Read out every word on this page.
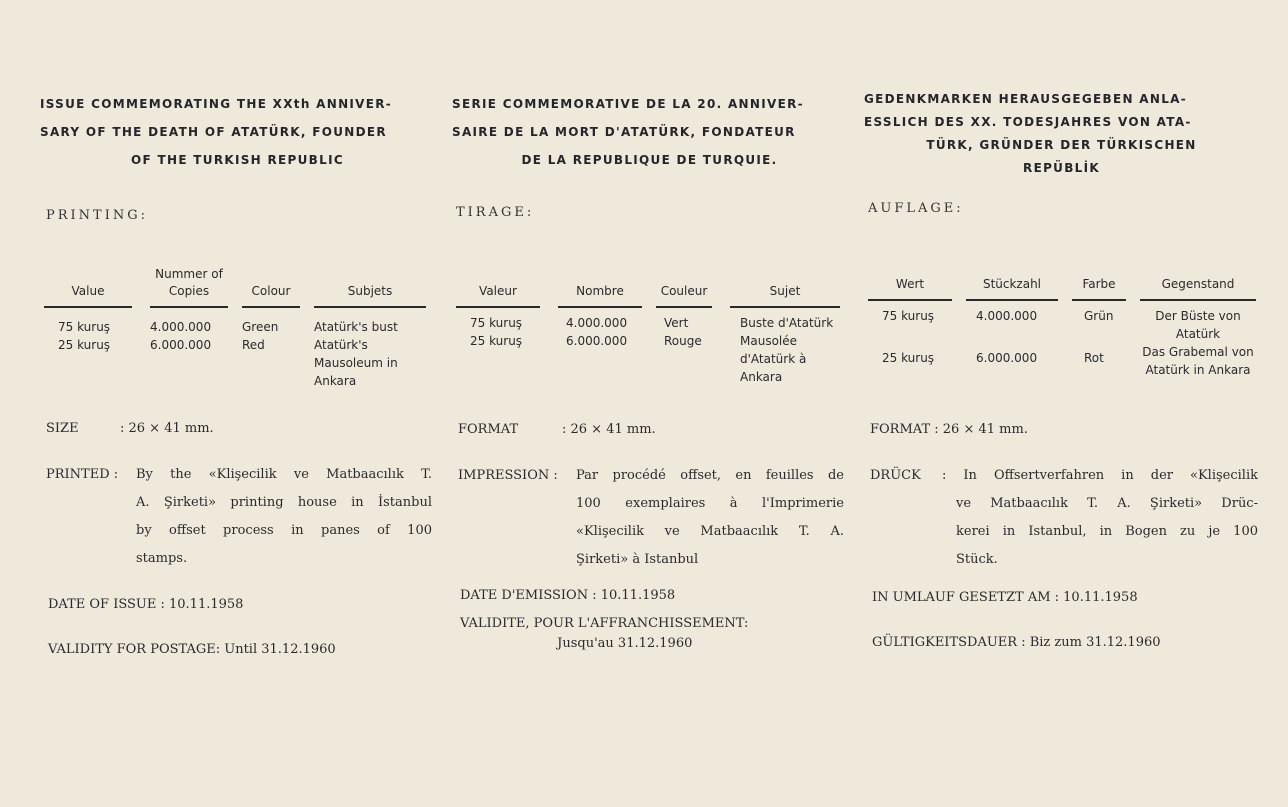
ISSUE COMMEMORATING THE XXth ANNIVER-
SARY OF THE DEATH OF ATATÜRK, FOUNDER
OF THE TURKISH REPUBLIC
PRINTING:
Value		Nummer of Copies		Colour		Subjets

75 kuruş		4.000.000		Green		Atatürk's bust
25 kuruş		6.000.000		Red		Atatürk's Mausoleum in Ankara
SIZE	: 26 × 41 mm.
PRINTED :	By the «Klişecilik ve Matbaacılık T.
A. Şirketi» printing house in İstanbul
by offset process in panes of 100
stamps.
DATE OF ISSUE : 10.11.1958
VALIDITY FOR POSTAGE: Until 31.12.1960
SERIE COMMEMORATIVE DE LA 20. ANNIVER-
SAIRE DE LA MORT D'ATATÜRK, FONDATEUR
DE LA REPUBLIQUE DE TURQUIE.
TIRAGE:
Valeur		Nombre		Couleur		Sujet

75 kuruş		4.000.000		Vert		Buste d'Atatürk
25 kuruş		6.000.000		Rouge		Mausolée d'Atatürk à Ankara
FORMAT	: 26 × 41 mm.
IMPRESSION :	Par procédé offset, en feuilles de
100 exemplaires à l'Imprimerie
«Klişecilik ve Matbaacılık T. A.
Şirketi» à Istanbul
DATE D'EMISSION : 10.11.1958
VALIDITE, POUR L'AFFRANCHISSEMENT:
Jusqu'au 31.12.1960
GEDENKMARKEN HERAUSGEGEBEN ANLA-
ESSLICH DES XX. TODESJAHRES VON ATA-
TÜRK, GRÜNDER DER TÜRKISCHEN
REPÜBLİK
AUFLAGE:
Wert		Stückzahl		Farbe		Gegenstand

75 kuruş		4.000.000		Grün		Der Büste von Atatürk
25 kuruş		6.000.000		Rot		Das Grabemal von Atatürk in Ankara
FORMAT : 26 × 41 mm.
DRÜCK	: In Offsertverfahren in der «Klişecilik
ve Matbaacılık T. A. Şirketi» Drüc-
kerei in Istanbul, in Bogen zu je 100
Stück.
IN UMLAUF GESETZT AM : 10.11.1958
GÜLTIGKEITSDAUER : Biz zum 31.12.1960
